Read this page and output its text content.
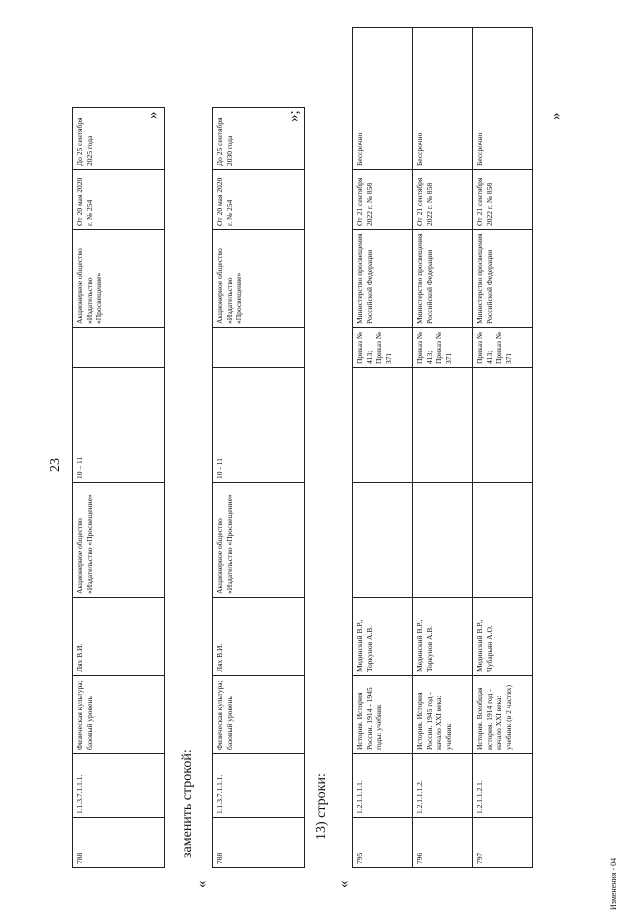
23
788	1.1.3.7.1.1.1.	Физическая культура; базовый уровень	Лях В.И.	Акционерное общество «Издательство «Просвещение»	10 – 11		Акционерное общество «Издательство «Просвещение»	От 20 мая 2020 г. № 254	До 25 сентября 2025 года
»
заменить строкой:
«
788	1.1.3.7.1.1.1.	Физическая культура; базовый уровень	Лях В.И.	Акционерное общество «Издательство «Просвещение»	10 - 11		Акционерное общество «Издательство «Просвещение»	От 20 мая 2020 г. № 254	До 25 сентября 2030 года
»;
13) строки:
«
795	1.2.1.1.1.1.	История. История России. 1914 - 1945 годы: учебник	Мединский В.Р., Торкунов А.В.			Приказ № 413; Приказ № 371	Министерство просвещения Российской Федерации	От 21 сентября 2022 г. № 858	Бессрочно
796	1.2.1.1.1.2.	История. История России. 1945 год - начало XXI века: учебник	Мединский В.Р., Торкунов А.В.			Приказ № 413; Приказ № 371	Министерство просвещения Российской Федерации	От 21 сентября 2022 г. № 858	Бессрочно
797	1.2.1.1.2.1.	История. Всеобщая история. 1914 год - начало XXI века: учебник (в 2 частях)	Мединский В.Р., Чубарьян А.О.			Приказ № 413; Приказ № 371	Министерство просвещения Российской Федерации	От 21 сентября 2022 г. № 858	Бессрочно
»
Изменения - 04
